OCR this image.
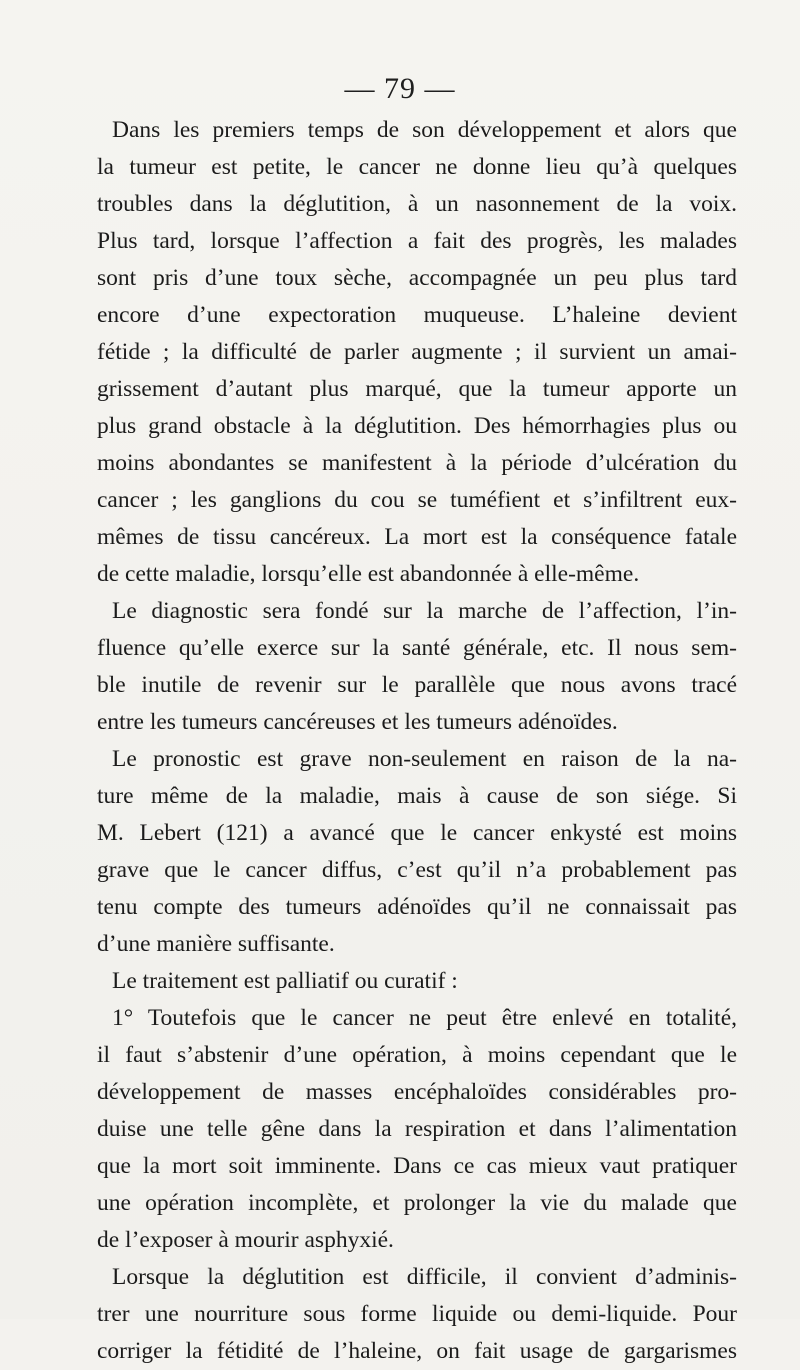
— 79 —
Dans les premiers temps de son développement et alors que
la tumeur est petite, le cancer ne donne lieu qu’à quelques
troubles dans la déglutition, à un nasonnement de la voix.
Plus tard, lorsque l’affection a fait des progrès, les malades
sont pris d’une toux sèche, accompagnée un peu plus tard
encore d’une expectoration muqueuse. L’haleine devient
fétide ; la difficulté de parler augmente ; il survient un amai-
grissement d’autant plus marqué, que la tumeur apporte un
plus grand obstacle à la déglutition. Des hémorrhagies plus ou
moins abondantes se manifestent à la période d’ulcération du
cancer ; les ganglions du cou se tuméfient et s’infiltrent eux-
mêmes de tissu cancéreux. La mort est la conséquence fatale
de cette maladie, lorsqu’elle est abandonnée à elle-même.
Le diagnostic sera fondé sur la marche de l’affection, l’in-
fluence qu’elle exerce sur la santé générale, etc. Il nous sem-
ble inutile de revenir sur le parallèle que nous avons tracé
entre les tumeurs cancéreuses et les tumeurs adénoïdes.
Le pronostic est grave non-seulement en raison de la na-
ture même de la maladie, mais à cause de son siége. Si
M. Lebert (121) a avancé que le cancer enkysté est moins
grave que le cancer diffus, c’est qu’il n’a probablement pas
tenu compte des tumeurs adénoïdes qu’il ne connaissait pas
d’une manière suffisante.
Le traitement est palliatif ou curatif :
1° Toutefois que le cancer ne peut être enlevé en totalité,
il faut s’abstenir d’une opération, à moins cependant que le
développement de masses encéphaloïdes considérables pro-
duise une telle gêne dans la respiration et dans l’alimentation
que la mort soit imminente. Dans ce cas mieux vaut pratiquer
une opération incomplète, et prolonger la vie du malade que
de l’exposer à mourir asphyxié.
Lorsque la déglutition est difficile, il convient d’adminis-
trer une nourriture sous forme liquide ou demi-liquide. Pour
corriger la fétidité de l’haleine, on fait usage de gargarismes
